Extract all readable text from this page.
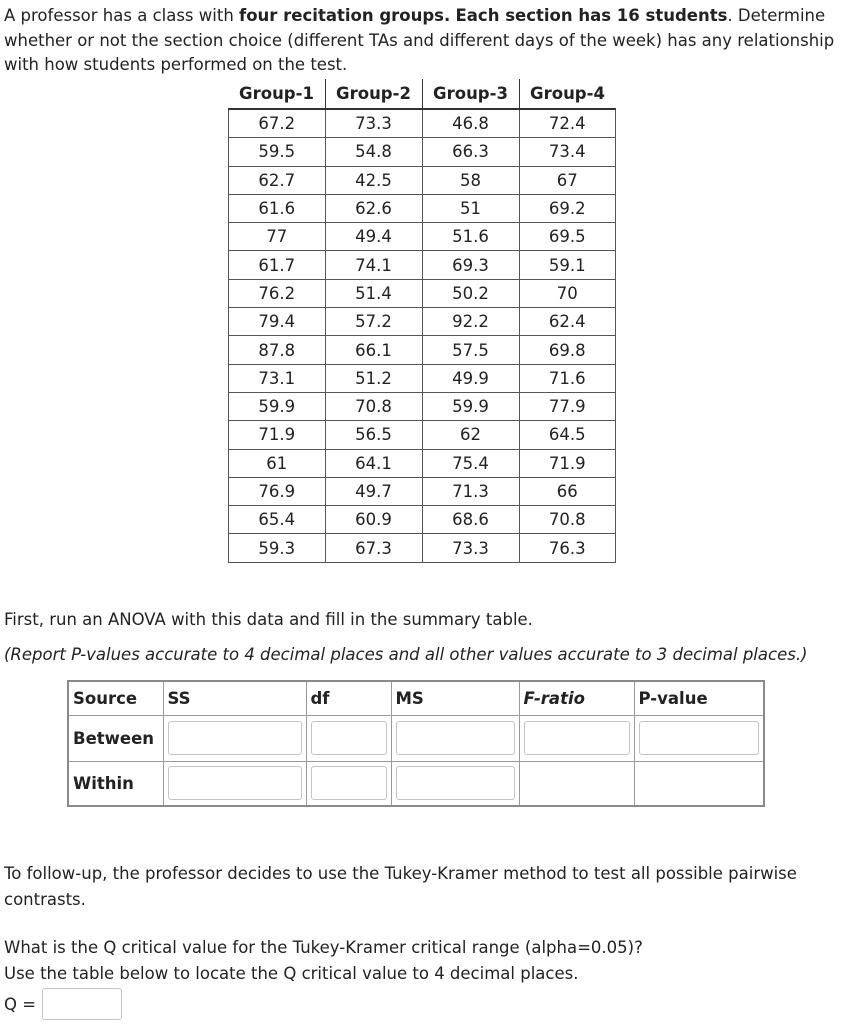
A professor has a class with four recitation groups. Each section has 16 students. Determine whether or not the section choice (different TAs and different days of the week) has any relationship with how students performed on the test.
Group-1	Group-2	Group-3	Group-4
67.2	73.3	46.8	72.4
59.5	54.8	66.3	73.4
62.7	42.5	58	67
61.6	62.6	51	69.2
77	49.4	51.6	69.5
61.7	74.1	69.3	59.1
76.2	51.4	50.2	70
79.4	57.2	92.2	62.4
87.8	66.1	57.5	69.8
73.1	51.2	49.9	71.6
59.9	70.8	59.9	77.9
71.9	56.5	62	64.5
61	64.1	75.4	71.9
76.9	49.7	71.3	66
65.4	60.9	68.6	70.8
59.3	67.3	73.3	76.3
First, run an ANOVA with this data and fill in the summary table.
(Report P-values accurate to 4 decimal places and all other values accurate to 3 decimal places.)
Source	SS	df	MS	F-ratio	P-value
Between	

Within	

To follow-up, the professor decides to use the Tukey-Kramer method to test all possible pairwise contrasts.
What is the Q critical value for the Tukey-Kramer critical range (alpha=0.05)?
Use the table below to locate the Q critical value to 4 decimal places.
Q =
